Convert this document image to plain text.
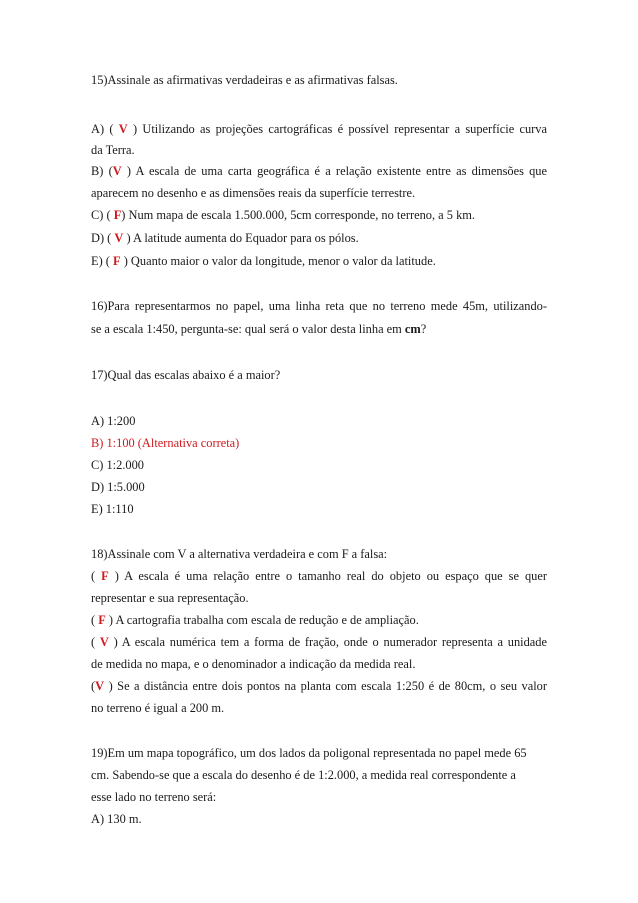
15)Assinale as afirmativas verdadeiras e as afirmativas falsas.
A) ( V ) Utilizando as projeções cartográficas é possível representar a superfície curva
da Terra.
B) (V ) A escala de uma carta geográfica é a relação existente entre as dimensões que
aparecem no desenho e as dimensões reais da superfície terrestre.
C) ( F) Num mapa de escala 1.500.000, 5cm corresponde, no terreno, a 5 km.
D) ( V ) A latitude aumenta do Equador para os pólos.
E) ( F ) Quanto maior o valor da longitude, menor o valor da latitude.
16)Para representarmos no papel, uma linha reta que no terreno mede 45m, utilizando-
se a escala 1:450, pergunta-se: qual será o valor desta linha em cm?
17)Qual das escalas abaixo é a maior?
A) 1:200
B) 1:100 (Alternativa correta)
C) 1:2.000
D) 1:5.000
E) 1:110
18)Assinale com V a alternativa verdadeira e com F a falsa:
( F ) A escala é uma relação entre o tamanho real do objeto ou espaço que se quer
representar e sua representação.
( F ) A cartografia trabalha com escala de redução e de ampliação.
( V ) A escala numérica tem a forma de fração, onde o numerador representa a unidade
de medida no mapa, e o denominador a indicação da medida real.
(V ) Se a distância entre dois pontos na planta com escala 1:250 é de 80cm, o seu valor
no terreno é igual a 200 m.
19)Em um mapa topográfico, um dos lados da poligonal representada no papel mede 65
cm. Sabendo-se que a escala do desenho é de 1:2.000, a medida real correspondente a
esse lado no terreno será:
A) 130 m.
